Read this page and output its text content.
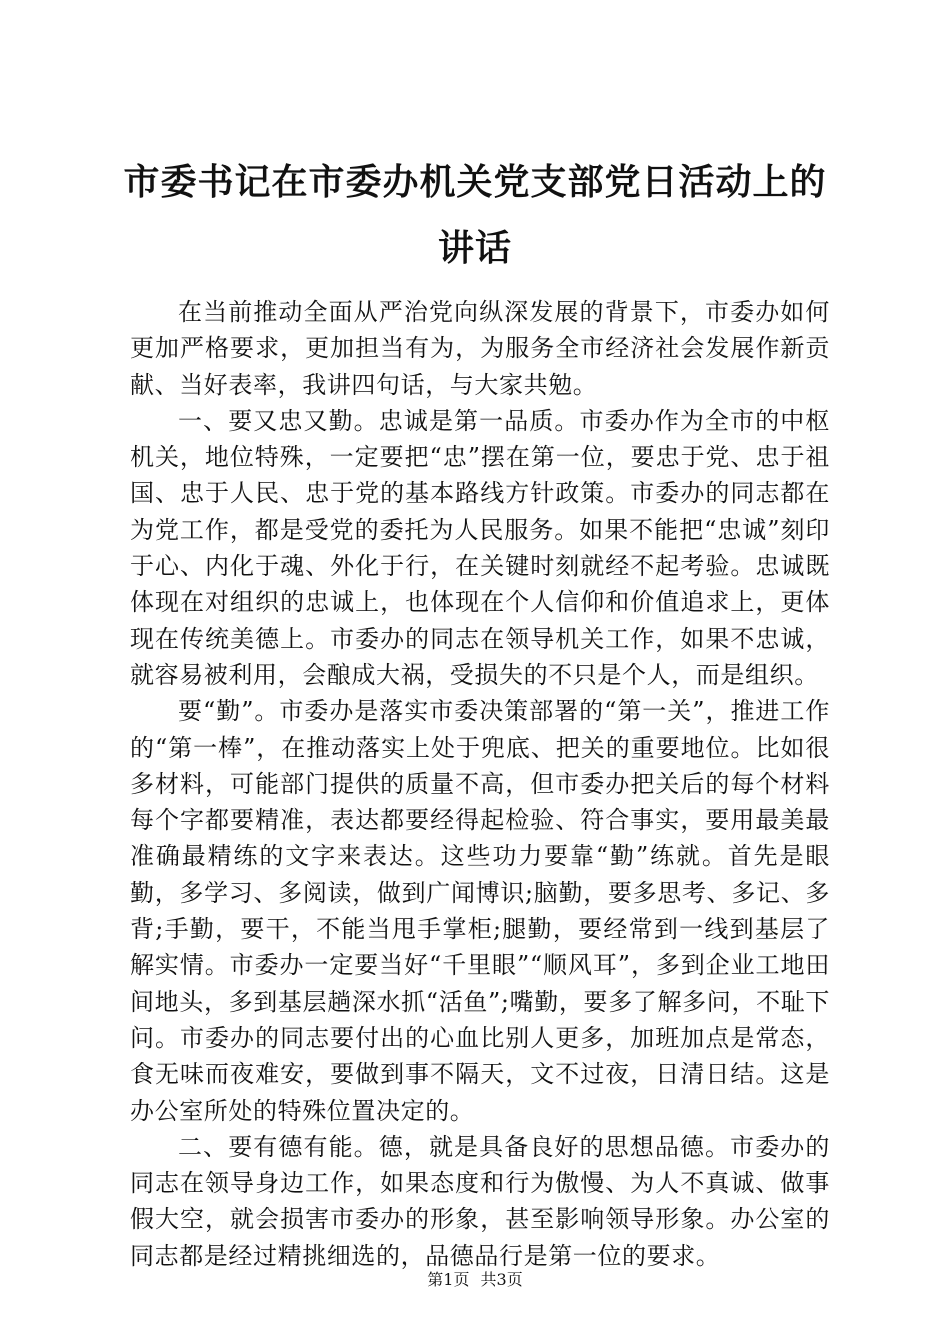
市委书记在市委办机关党支部党日活动上的讲话

在当前推动全面从严治党向纵深发展的背景下，市委办如何更加严格要求，更加担当有为，为服务全市经济社会发展作新贡献、当好表率，我讲四句话，与大家共勉。

一、要又忠又勤。忠诚是第一品质。市委办作为全市的中枢机关，地位特殊，一定要把“忠”摆在第一位，要忠于党、忠于祖国、忠于人民、忠于党的基本路线方针政策。市委办的同志都在为党工作，都是受党的委托为人民服务。如果不能把“忠诚”刻印于心、内化于魂、外化于行，在关键时刻就经不起考验。忠诚既体现在对组织的忠诚上，也体现在个人信仰和价值追求上，更体现在传统美德上。市委办的同志在领导机关工作，如果不忠诚，就容易被利用，会酿成大祸，受损失的不只是个人，而是组织。

要“勤”。市委办是落实市委决策部署的“第一关”，推进工作的“第一棒”，在推动落实上处于兜底、把关的重要地位。比如很多材料，可能部门提供的质量不高，但市委办把关后的每个材料每个字都要精准，表达都要经得起检验、符合事实，要用最美最准确最精练的文字来表达。这些功力要靠“勤”练就。首先是眼勤，多学习、多阅读，做到广闻博识;脑勤，要多思考、多记、多背;手勤，要干，不能当甩手掌柜;腿勤，要经常到一线到基层了解实情。市委办一定要当好“千里眼”“顺风耳”，多到企业工地田间地头，多到基层趟深水抓“活鱼”;嘴勤，要多了解多问，不耻下问。市委办的同志要付出的心血比别人更多，加班加点是常态，食无味而夜难安，要做到事不隔天，文不过夜，日清日结。这是办公室所处的特殊位置决定的。

二、要有德有能。德，就是具备良好的思想品德。市委办的同志在领导身边工作，如果态度和行为傲慢、为人不真诚、做事假大空，就会损害市委办的形象，甚至影响领导形象。办公室的同志都是经过精挑细选的，品德品行是第一位的要求。

第1页 共3页
